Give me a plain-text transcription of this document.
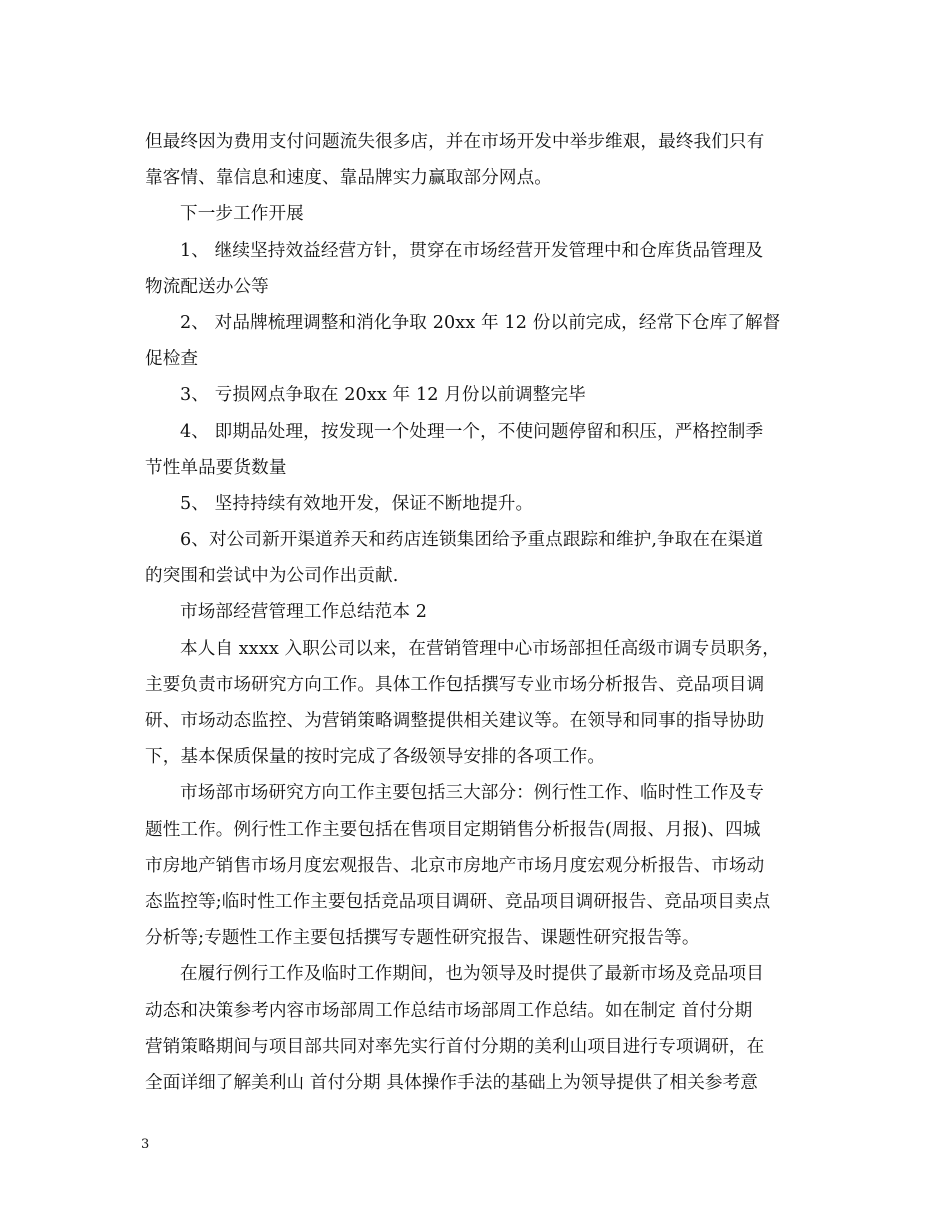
但最终因为费用支付问题流失很多店，并在市场开发中举步维艰，最终我们只有
靠客情、靠信息和速度、靠品牌实力赢取部分网点。
下一步工作开展
1、 继续坚持效益经营方针，贯穿在市场经营开发管理中和仓库货品管理及
物流配送办公等
2、 对品牌梳理调整和消化争取 20xx 年 12 份以前完成，经常下仓库了解督
促检查
3、 亏损网点争取在 20xx 年 12 月份以前调整完毕
4、 即期品处理，按发现一个处理一个，不使问题停留和积压，严格控制季
节性单品要货数量
5、 坚持持续有效地开发，保证不断地提升。
6、对公司新开渠道养天和药店连锁集团给予重点跟踪和维护,争取在在渠道
的突围和尝试中为公司作出贡献.
市场部经营管理工作总结范本 2
本人自 xxxx 入职公司以来，在营销管理中心市场部担任高级市调专员职务，
主要负责市场研究方向工作。具体工作包括撰写专业市场分析报告、竞品项目调
研、市场动态监控、为营销策略调整提供相关建议等。在领导和同事的指导协助
下，基本保质保量的按时完成了各级领导安排的各项工作。
市场部市场研究方向工作主要包括三大部分：例行性工作、临时性工作及专
题性工作。例行性工作主要包括在售项目定期销售分析报告(周报、月报)、四城
市房地产销售市场月度宏观报告、北京市房地产市场月度宏观分析报告、市场动
态监控等;临时性工作主要包括竞品项目调研、竞品项目调研报告、竞品项目卖点
分析等;专题性工作主要包括撰写专题性研究报告、课题性研究报告等。
在履行例行工作及临时工作期间，也为领导及时提供了最新市场及竞品项目
动态和决策参考内容市场部周工作总结市场部周工作总结。如在制定 首付分期
营销策略期间与项目部共同对率先实行首付分期的美利山项目进行专项调研，在
全面详细了解美利山 首付分期 具体操作手法的基础上为领导提供了相关参考意
3
